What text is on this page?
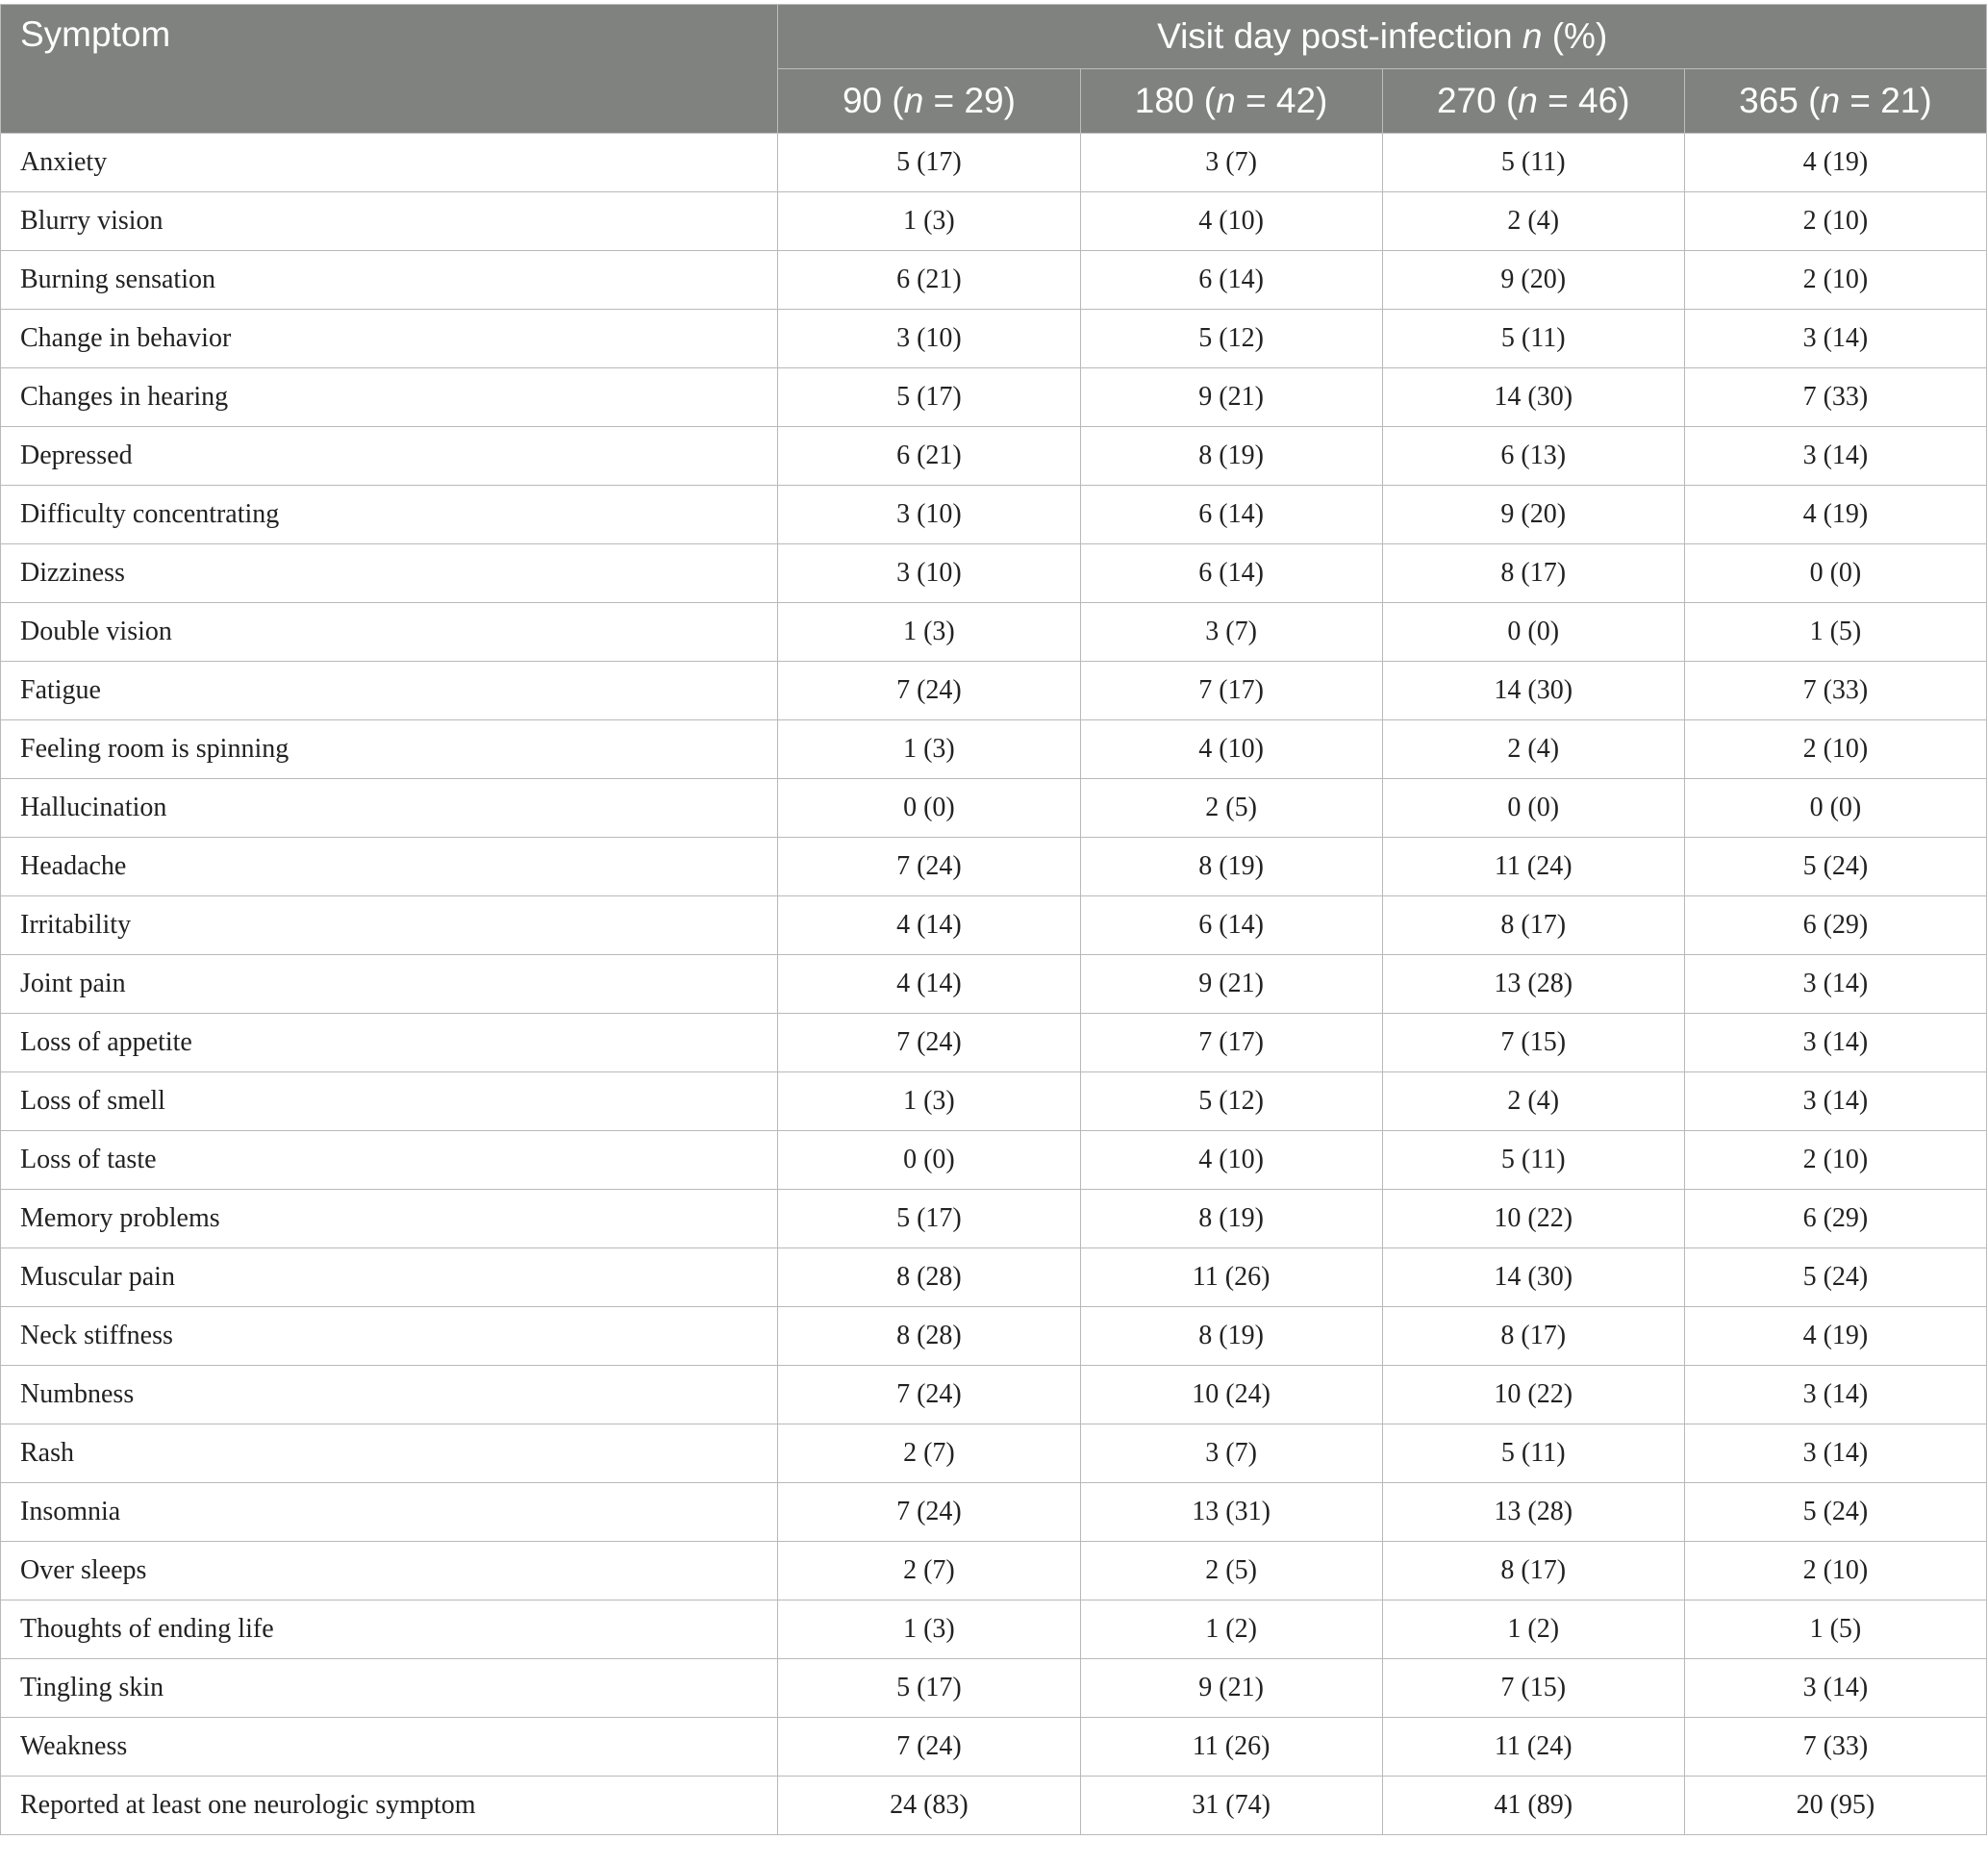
Symptom	Visit day post-infection n (%)			
	90 (n = 29)	180 (n = 42)	270 (n = 46)	365 (n = 21)
Anxiety	5 (17)	3 (7)	5 (11)	4 (19)
Blurry vision	1 (3)	4 (10)	2 (4)	2 (10)
Burning sensation	6 (21)	6 (14)	9 (20)	2 (10)
Change in behavior	3 (10)	5 (12)	5 (11)	3 (14)
Changes in hearing	5 (17)	9 (21)	14 (30)	7 (33)
Depressed	6 (21)	8 (19)	6 (13)	3 (14)
Difficulty concentrating	3 (10)	6 (14)	9 (20)	4 (19)
Dizziness	3 (10)	6 (14)	8 (17)	0 (0)
Double vision	1 (3)	3 (7)	0 (0)	1 (5)
Fatigue	7 (24)	7 (17)	14 (30)	7 (33)
Feeling room is spinning	1 (3)	4 (10)	2 (4)	2 (10)
Hallucination	0 (0)	2 (5)	0 (0)	0 (0)
Headache	7 (24)	8 (19)	11 (24)	5 (24)
Irritability	4 (14)	6 (14)	8 (17)	6 (29)
Joint pain	4 (14)	9 (21)	13 (28)	3 (14)
Loss of appetite	7 (24)	7 (17)	7 (15)	3 (14)
Loss of smell	1 (3)	5 (12)	2 (4)	3 (14)
Loss of taste	0 (0)	4 (10)	5 (11)	2 (10)
Memory problems	5 (17)	8 (19)	10 (22)	6 (29)
Muscular pain	8 (28)	11 (26)	14 (30)	5 (24)
Neck stiffness	8 (28)	8 (19)	8 (17)	4 (19)
Numbness	7 (24)	10 (24)	10 (22)	3 (14)
Rash	2 (7)	3 (7)	5 (11)	3 (14)
Insomnia	7 (24)	13 (31)	13 (28)	5 (24)
Over sleeps	2 (7)	2 (5)	8 (17)	2 (10)
Thoughts of ending life	1 (3)	1 (2)	1 (2)	1 (5)
Tingling skin	5 (17)	9 (21)	7 (15)	3 (14)
Weakness	7 (24)	11 (26)	11 (24)	7 (33)
Reported at least one neurologic symptom	24 (83)	31 (74)	41 (89)	20 (95)
